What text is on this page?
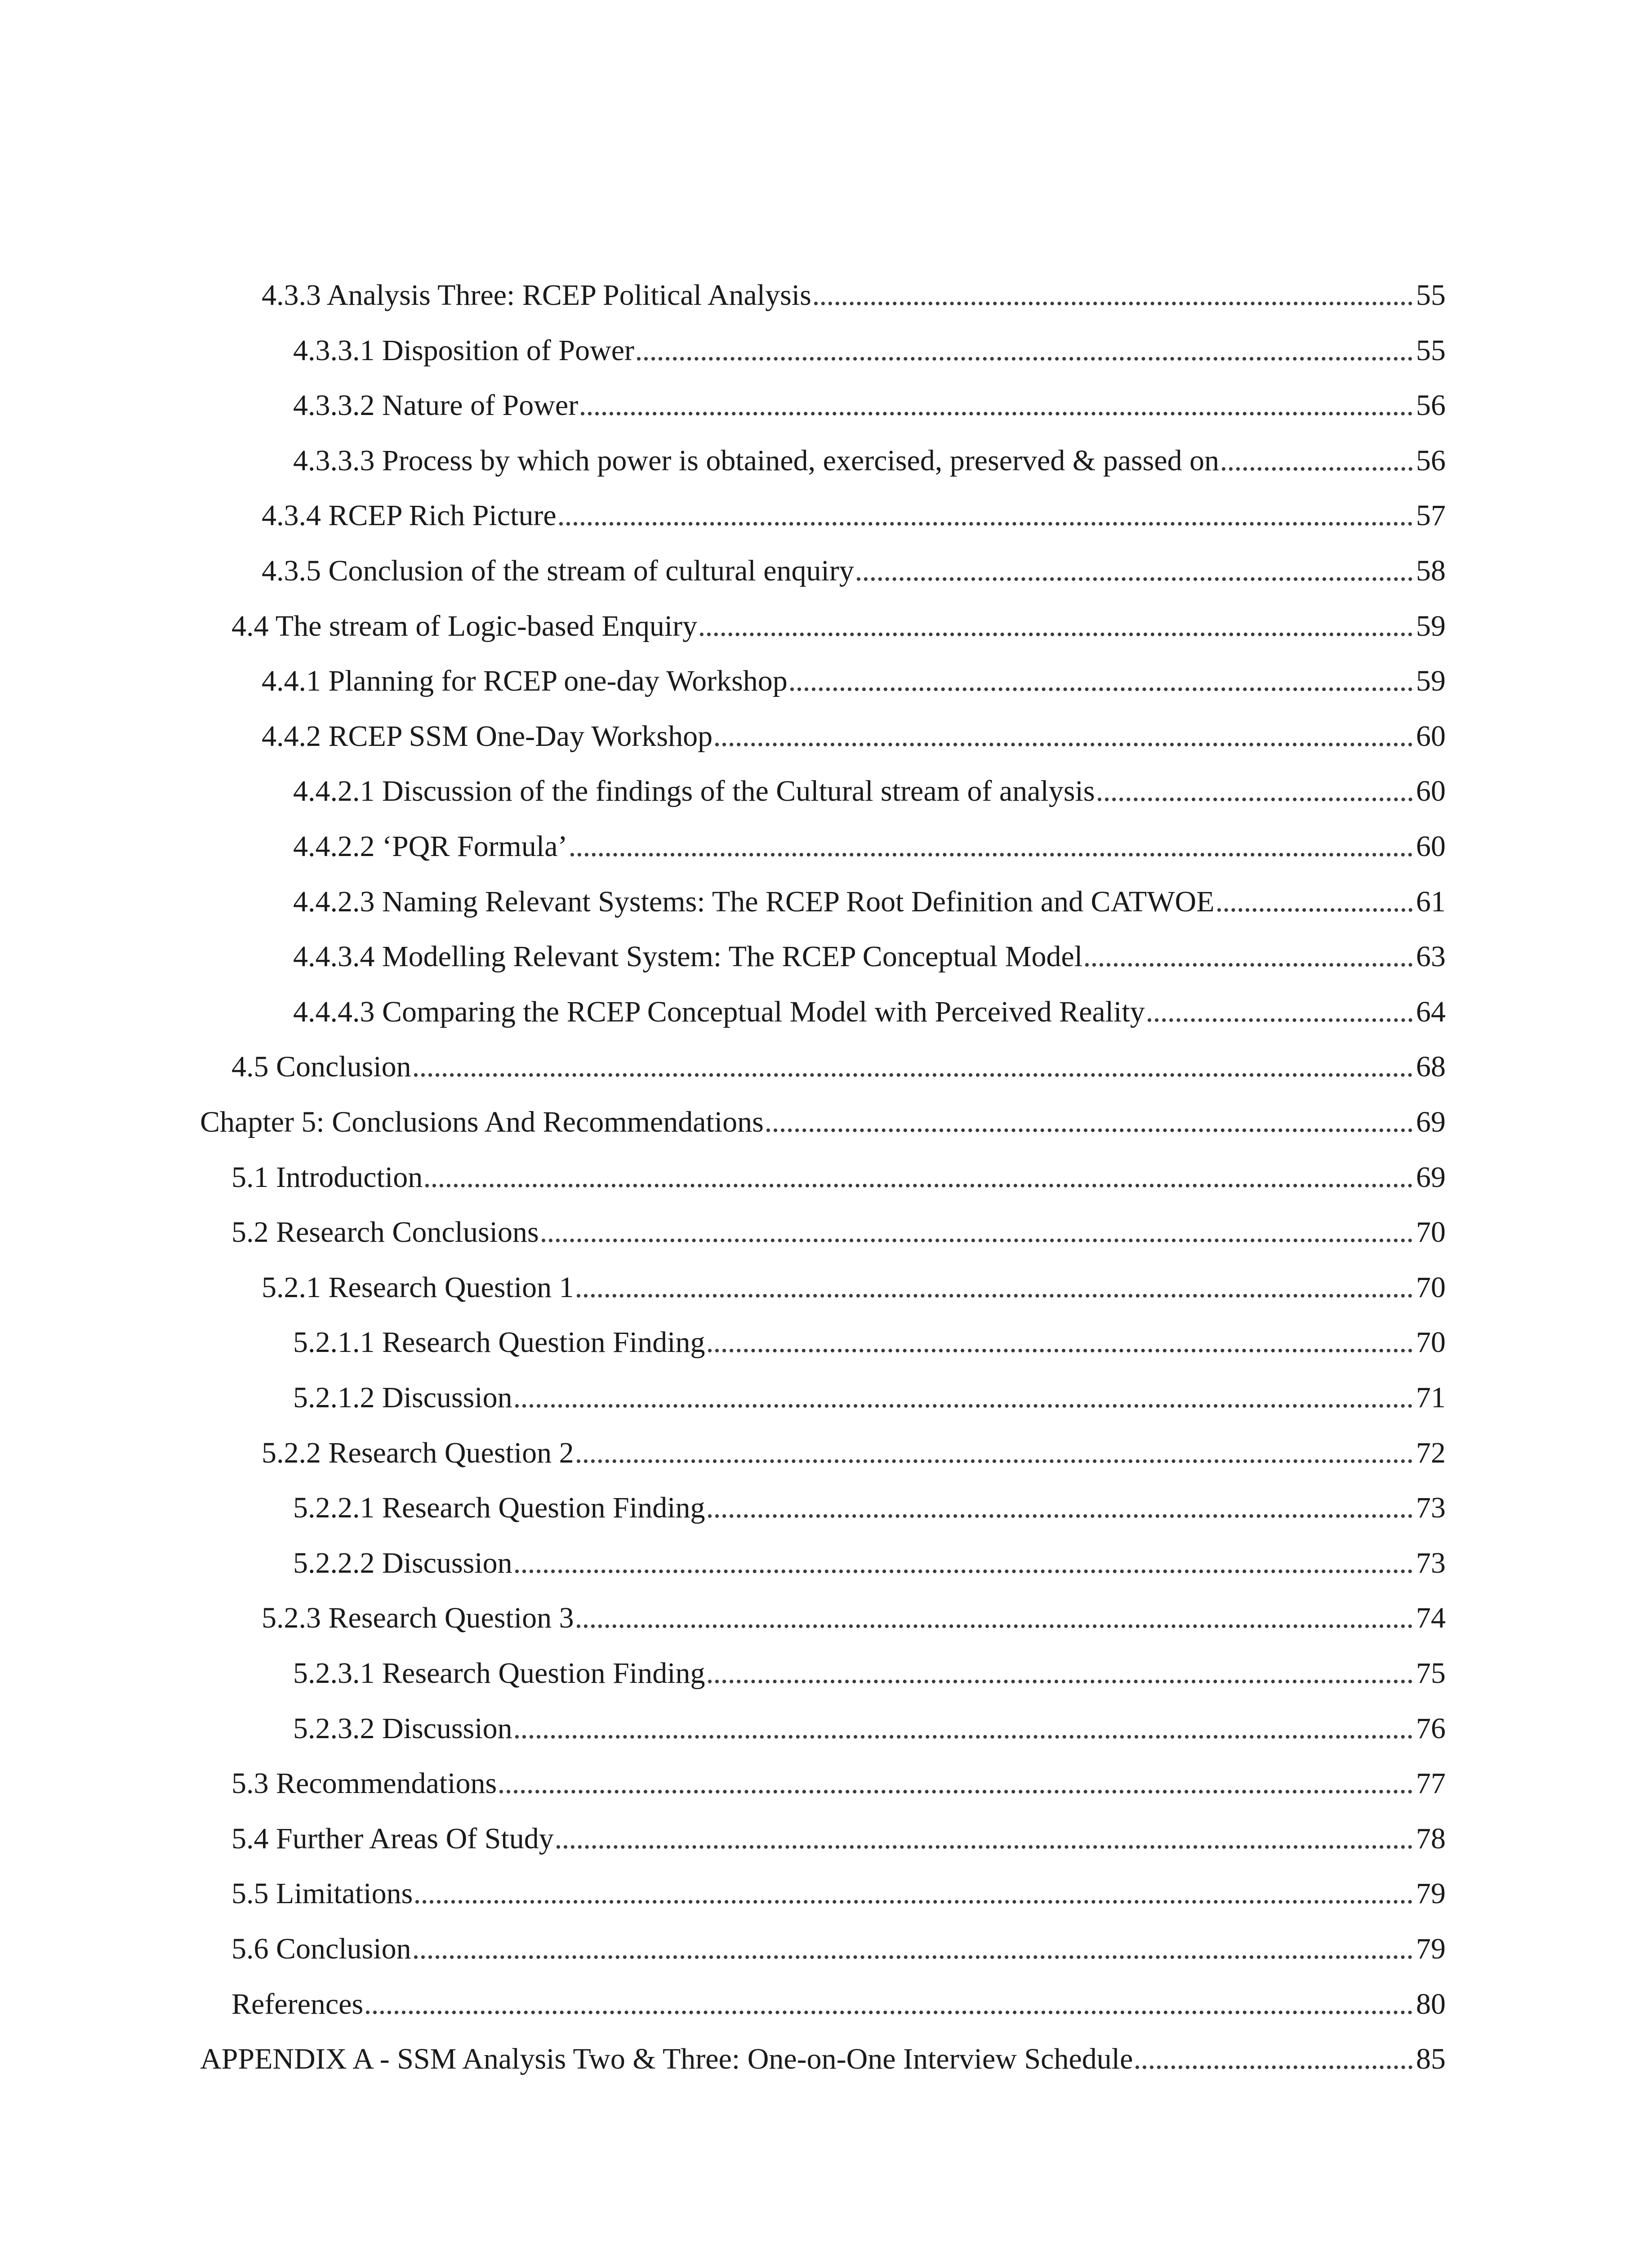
4.3.3 Analysis Three: RCEP Political Analysis	55
4.3.3.1 Disposition of Power	55
4.3.3.2 Nature of Power	56
4.3.3.3 Process by which power is obtained, exercised, preserved & passed on	56
4.3.4 RCEP Rich Picture	57
4.3.5 Conclusion of the stream of cultural enquiry	58
4.4 The stream of Logic-based Enquiry	59
4.4.1 Planning for RCEP one-day Workshop	59
4.4.2 RCEP SSM One-Day Workshop	60
4.4.2.1 Discussion of the findings of the Cultural stream of analysis	60
4.4.2.2 ‘PQR Formula’	60
4.4.2.3 Naming Relevant Systems: The RCEP Root Definition and CATWOE	61
4.4.3.4 Modelling Relevant System: The RCEP Conceptual Model	63
4.4.4.3 Comparing the RCEP Conceptual Model with Perceived Reality	64
4.5 Conclusion	68
Chapter 5: Conclusions And Recommendations	69
5.1 Introduction	69
5.2 Research Conclusions	70
5.2.1 Research Question 1	70
5.2.1.1 Research Question Finding	70
5.2.1.2 Discussion	71
5.2.2 Research Question 2	72
5.2.2.1 Research Question Finding	73
5.2.2.2 Discussion	73
5.2.3 Research Question 3	74
5.2.3.1 Research Question Finding	75
5.2.3.2 Discussion	76
5.3 Recommendations	77
5.4 Further Areas Of Study	78
5.5 Limitations	79
5.6 Conclusion	79
References	80
APPENDIX A - SSM Analysis Two & Three: One-on-One Interview Schedule	85
